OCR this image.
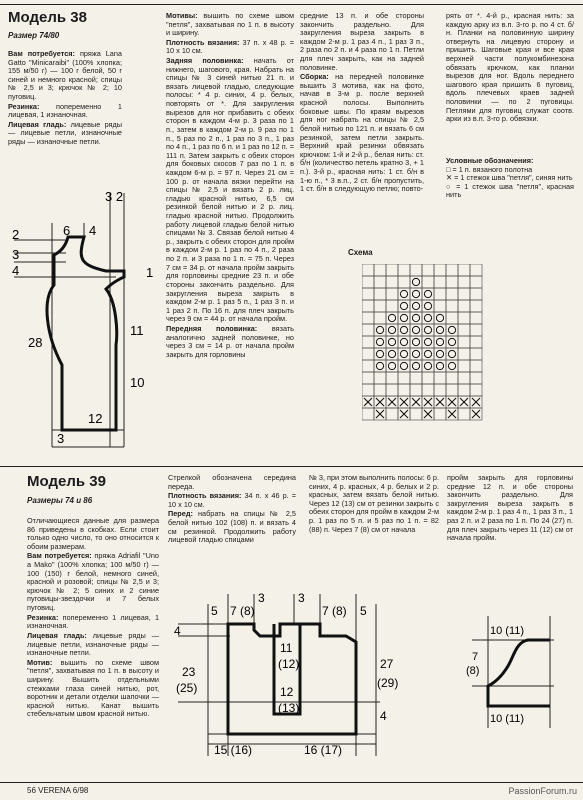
Модель 38
Размер 74/80

Вам потребуется: пряжа Lana Gatto "Minicaraibi" (100% хлопка; 155 м/50 г) — 100 г белой, 50 г синей и немного красной; спицы № 2,5 и 3; крючок № 2; 10 пуговиц.

Резинка: попеременно 1 лицевая, 1 изнаночная.

Лицевая гладь: лицевые ряды — лицевые петли, изнаночные ряды — изнаночные петли.

Мотивы: вышить по схеме швом "петля", захватывая по 1 п. в высоту и ширину.

Плотность вязания: 37 п. х 48 р. = 10 х 10 см.

Задняя половинка: начать от нижнего, шагового, края. Набрать на спицы № 3 синей нитью 21 п. и вязать лицевой гладью, следующие полосы: * 4 р. синих, 4 р. белых, повторять от *. Для закругления вырезов для ног прибавить с обеих сторон в каждом 4-м р. 3 раза по 1 п., затем в каждом 2-м р. 9 раз по 1 п., 5 раз по 2 п., 1 раз по 3 п., 1 раз по 4 п., 1 раз по 6 п. и 1 раз по 12 п. = 111 п. Затем закрыть с обеих сторон для боковых скосов 7 раз по 1 п. в каждом 6-м р. = 97 п. Через 21 см = 100 р. от начала вязки перейти на спицы № 2,5 и вязать 2 р. лиц. гладью красной нитью, 6,5 см резинкой белой нитью и 2 р. лиц. гладью красной нитью. Продолжить работу лицевой гладью белой нитью спицами № 3. Связав белой нитью 4 р., закрыть с обеих сторон для пройм в каждом 2-м р. 1 раз по 4 п., 2 раза по 2 п. и 3 раза по 1 п. = 75 п. Через 7 см = 34 р. от начала пройм закрыть для горловины средние 23 п. и обе стороны закончить раздельно. Для закругления выреза закрыть в каждом 2-м р. 1 раз 5 п., 1 раз 3 п. и 1 раз 2 п. По 16 п. для плеч закрыть через 9 см = 44 р. от начала пройм.

Передняя половинка: вязать аналогично задней половинке, но через 3 см = 14 р. от начала пройм закрыть для горловины

средние 13 п. и обе стороны закончить раздельно. Для закругления выреза закрыть в каждом 2-м р. 1 раз 4 п., 1 раз 3 п., 2 раза по 2 п. и 4 раза по 1 п. Петли для плеч закрыть, как на задней половинке.

Сборка: на передней половинке вышить 3 мотива, как на фото, начав в 3-м р. после верхней красной полосы. Выполнить боковые швы. По краям вырезов для ног набрать на спицы № 2,5 белой нитью по 121 п. и вязать 6 см резинкой, затем петли закрыть. Верхний край резинки обвязать крючком: 1-й и 2-й р., белая нить: ст. б/н (количество петель кратно 3, + 1 п.). 3-й р., красная нить: 1 ст. б/н в 1-ю п., * 3 в.п., 2 ст. б/н пропустить, 1 ст. б/н в следующую петлю; повто-

рять от *. 4-й р., красная нить: за каждую арку из в.п. 3-го р. по 4 ст. б/н. Планки на половинную ширину отвернуть на лицевую сторону и пришить. Шаговые края и все края верхней части полукомбинезона обвязать крючком, как планки вырезов для ног. Вдоль переднего шагового края пришить 6 пуговиц, вдоль плечевых краев задней половинки — по 2 пуговицы. Петлями для пуговиц служат соотв. арки из в.п. 3-го р. обвязки.

Условные обозначения:
□ = 1 п. вязаного полотна
✕ = 1 стежок шва "петля", синяя нить
○ = 1 стежок шва "петля", красная нить
3 2
6 4
2
3
4	1
28
11
10
12
3
Схема
Модель 39
Размеры 74 и 86

Отличающиеся данные для размера 86 приведены в скобках. Если стоит только одно число, то оно относится к обоим размерам.

Вам потребуется: пряжа Adriafil "Uno a Mako" (100% хлопка; 100 м/50 г) — 100 (150) г белой, немного синей, красной и розовой; спицы № 2,5 и 3; крючок № 2; 5 синих и 2 синие пуговицы-звездочки и 7 белых пуговиц.

Резинка: попеременно 1 лицевая, 1 изнаночная.

Лицевая гладь: лицевые ряды — лицевые петли, изнаночные ряды — изнаночные петли.

Мотив: вышить по схеме швом "петля", захватывая по 1 п. в высоту и ширину. Вышить отдельными стежками глаза синей нитью, рот, воротник и детали отделки шапочки — красной нитью. Канат вышить стебельчатым швом красной нитью.

Стрелкой обозначена середина переда.

Плотность вязания: 34 п. х 46 р. = 10 х 10 см.

Перед: набрать на спицы № 2,5 белой нитью 102 (108) п. и вязать 4 см резинкой. Продолжить работу лицевой гладью спицами

№ 3, при этом выполнить полосы: 6 р. синих, 4 р. красных, 4 р. белых и 2 р. красных, затем вязать белой нитью. Через 12 (13) см от резинки закрыть с обеих сторон для пройм в каждом 2-м р. 1 раз по 5 п. и 5 раз по 1 п. = 82 (88) п. Через 7 (8) см от начала

пройм закрыть для горловины средние 12 п. и обе стороны закончить раздельно. Для закругления выреза закрыть в каждом 2-м р. 1 раз 4 п., 1 раз 3 п., 1 раз 2 п. и 2 раза по 1 п. По 24 (27) п. для плеч закрыть через 11 (12) см от начала пройм.

3	3
5 7 (8)	7 (8) 5
4
11
(12)
23
(25)	12
(13)
27
(29)
4
15 (16)	16 (17)
10 (11)
7
(8)
10 (11)
56 VERENA 6/98	PassionForum.ru
